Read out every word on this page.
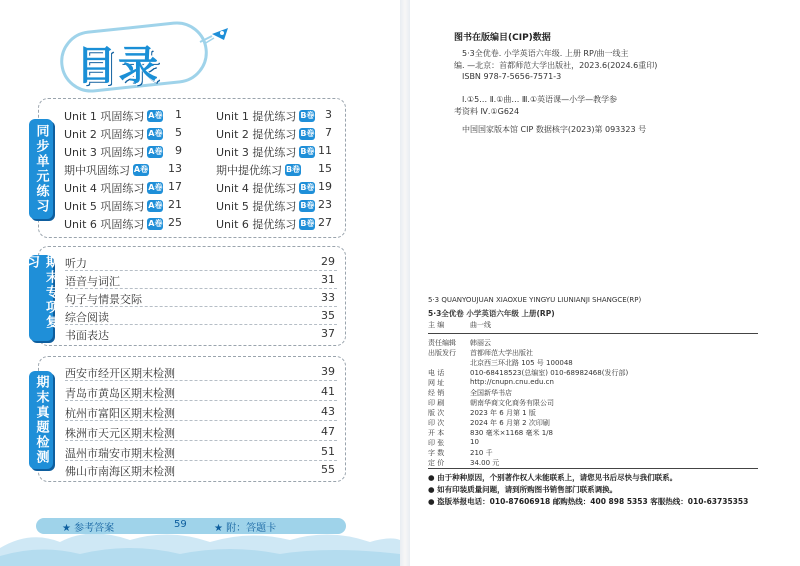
目录
同步单元练习
Unit 1 巩固练习 A卷	1	Unit 1 提优练习 B卷 3
Unit 2 巩固练习 A卷	5	Unit 2 提优练习 B卷 7
Unit 3 巩固练习 A卷	9	Unit 3 提优练习 B卷 11
期中巩固练习 A卷	13	期中提优练习 B卷	15
Unit 4 巩固练习 A卷 17	Unit 4 提优练习 B卷 19
Unit 5 巩固练习 A卷 21	Unit 5 提优练习 B卷 23
Unit 6 巩固练习 A卷 25	Unit 6 提优练习 B卷 27
期末专项复习	听力	29
语音与词汇	31
句子与情景交际	33
综合阅读	35
书面表达	37
期末真题检测
西安市经开区期末检测	39
青岛市黄岛区期末检测	41
杭州市富阳区期末检测	43
株洲市天元区期末检测	47
温州市瑞安市期末检测	51
佛山市南海区期末检测	55
★ 参考答案	59	★ 附：答题卡
图书在版编目(CIP)数据
5·3全优卷. 小学英语六年级. 上册 RP/曲一线主
编. —北京：首都师范大学出版社，2023.6(2024.6重印)
ISBN 978-7-5656-7571-3
Ⅰ.①5… Ⅱ.①曲… Ⅲ.①英语课—小学—教学参
考资料 Ⅳ.①G624
中国国家版本馆 CIP 数据核字(2023)第 093323 号
5·3 QUANYOUJUAN XIAOXUE YINGYU LIUNIANJI SHANGCE(RP)
5·3全优卷 小学英语六年级 上册(RP)
主 编	曲一线
责任编辑	韩丽云
出版发行	首都师范大学出版社
北京西三环北路 105 号 100048
电 话	010-68418523(总编室) 010-68982468(发行部)
网 址	http://cnupn.cnu.edu.cn
经 销	全国新华书店
印 刷	朝南华商文化商务有限公司
版 次	2023 年 6 月第 1 版
印 次	2024 年 6 月第 2 次印刷
开 本	830 毫米×1168 毫米 1/8
印 张	10
字 数	210 千
定 价	34.00 元
● 由于种种原因，个别著作权人未能联系上，请您见书后尽快与我们联系。
● 如有印装质量问题，请到所购图书销售部门联系调换。
● 盗版举报电话：010-87606918 邮购热线：400 898 5353 客服热线：010-63735353
